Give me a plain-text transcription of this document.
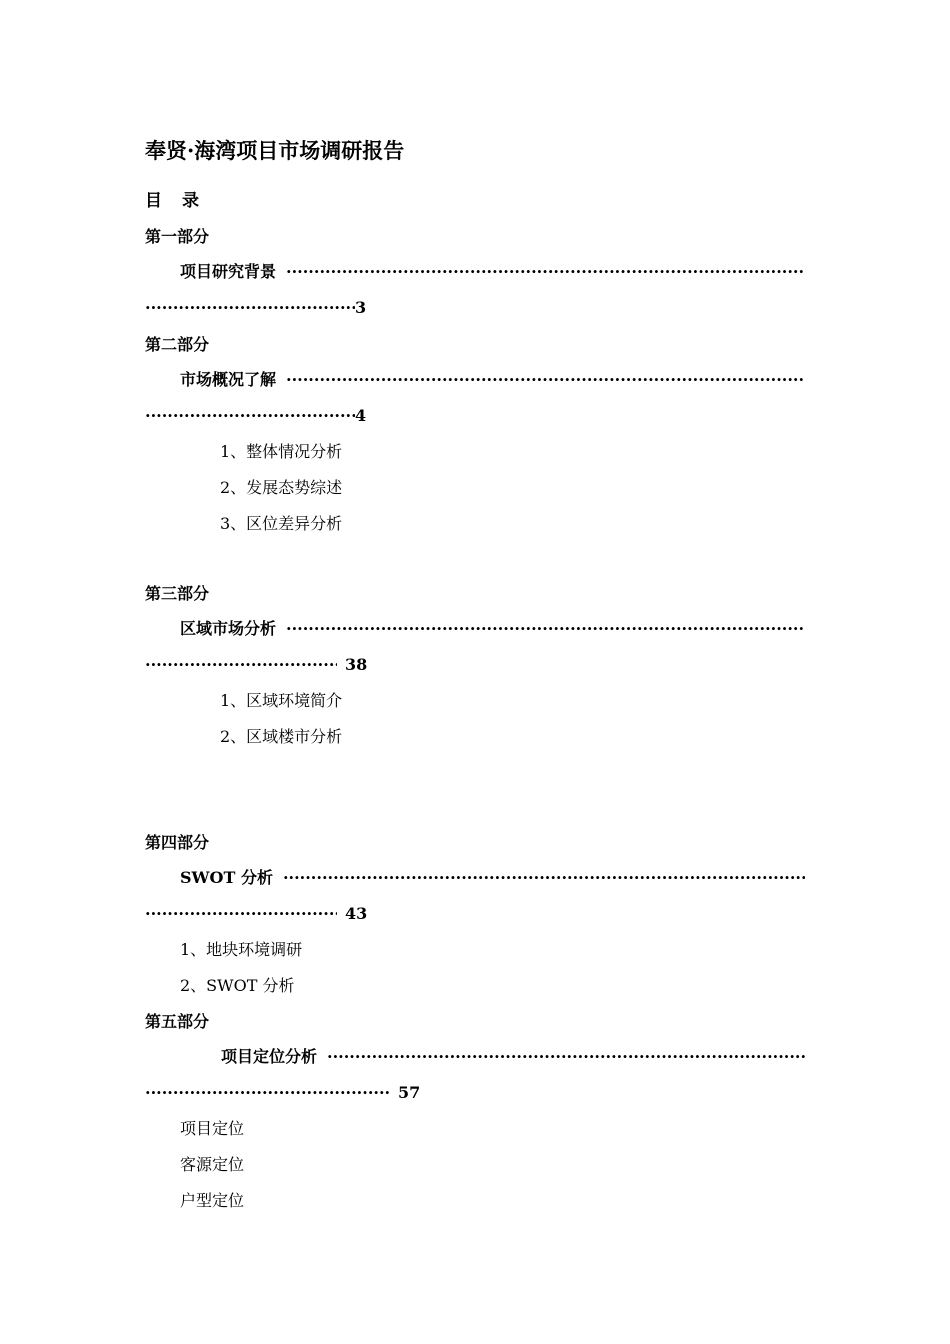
奉贤·海湾项目市场调研报告
目 录
第一部分
项目研究背景
·····
·····3
第二部分
市场概况了解
·····
·····4
1、整体情况分析
2、发展态势综述
3、区位差异分析
第三部分
区域市场分析
·····
·····38
1、区域环境简介
2、区域楼市分析
第四部分
SWOT 分析
·····
·····43
1、地块环境调研
2、SWOT 分析
第五部分
项目定位分析
·····
·····57
项目定位
客源定位
户型定位
